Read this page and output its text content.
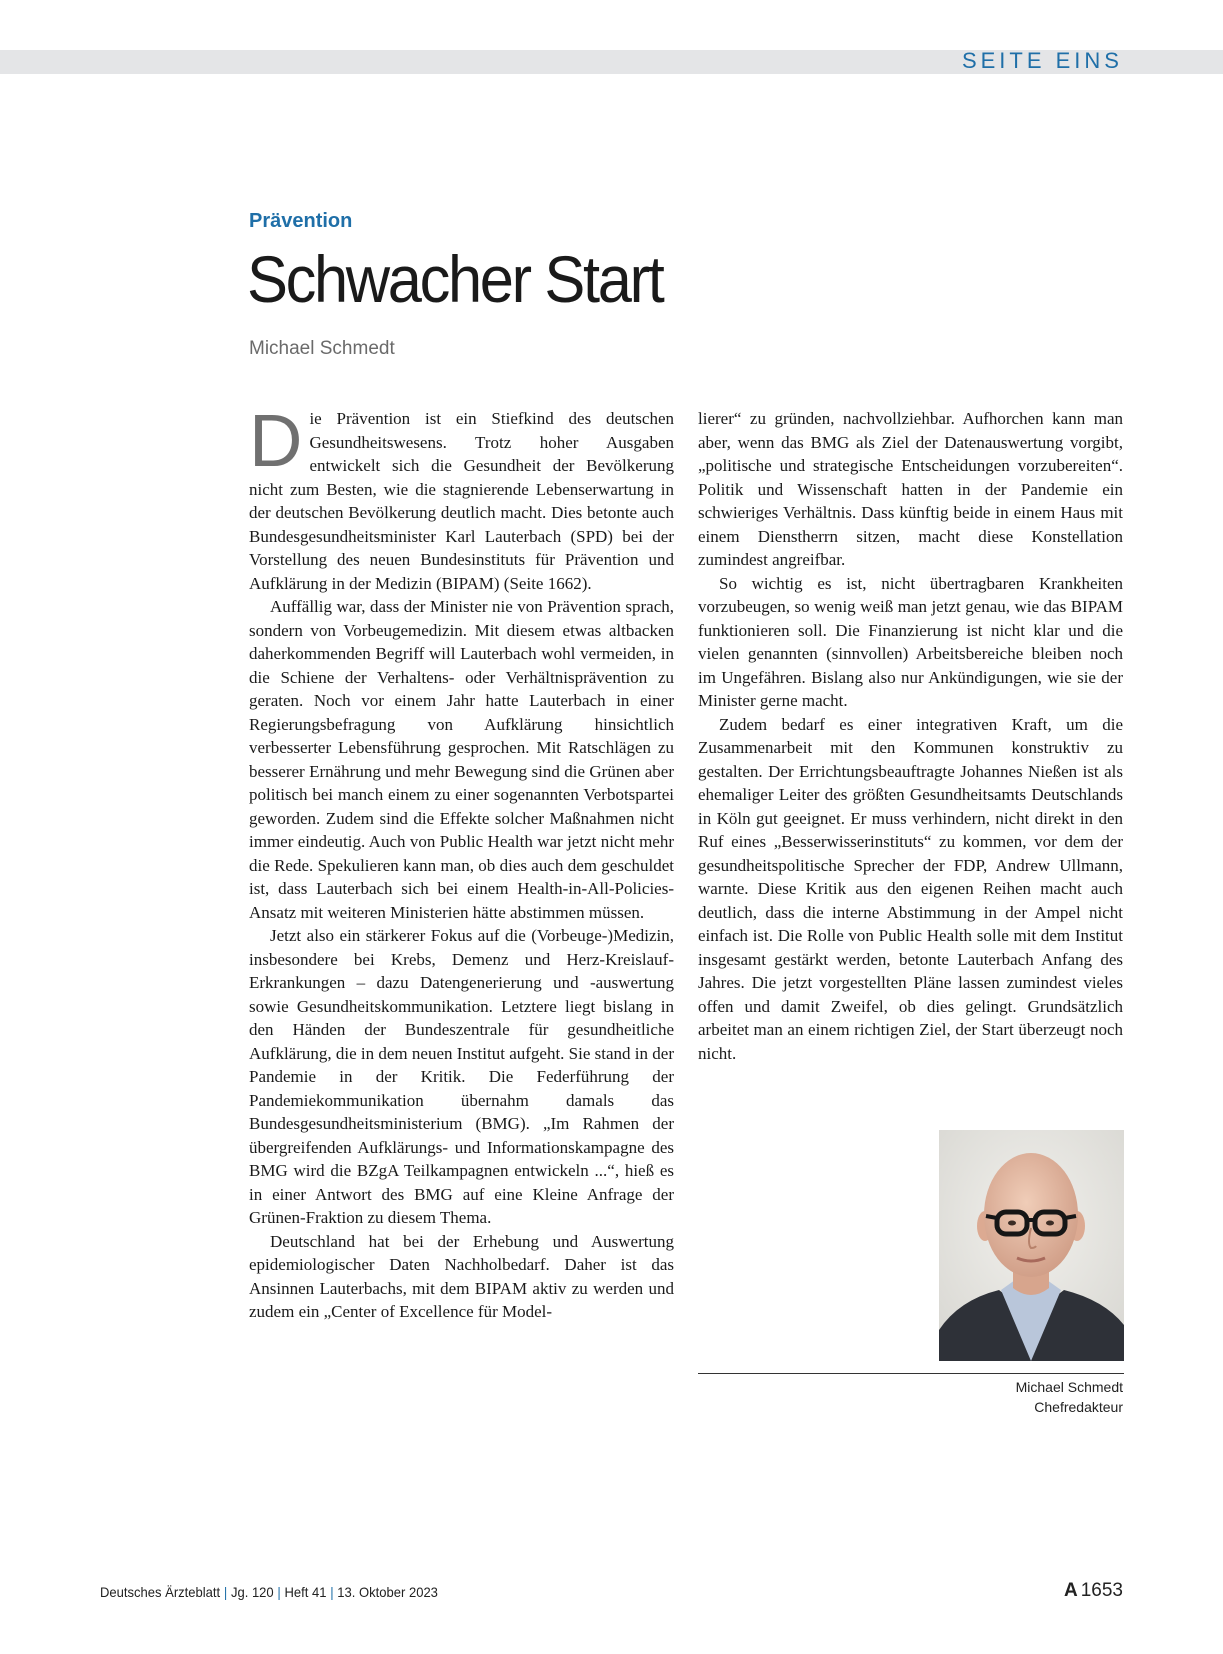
SEITE EINS
Prävention
Schwacher Start
Michael Schmedt

Die Prävention ist ein Stiefkind des deutschen Gesundheitswesens. Trotz hoher Ausgaben entwickelt sich die Gesundheit der Bevölkerung nicht zum Besten, wie die stagnierende Lebenserwartung in der deutschen Bevölkerung deutlich macht. Dies betonte auch Bundesgesundheitsminister Karl Lauterbach (SPD) bei der Vorstellung des neuen Bundesinstituts für Prävention und Aufklärung in der Medizin (BIPAM) (Seite 1662).

Auffällig war, dass der Minister nie von Prävention sprach, sondern von Vorbeugemedizin. Mit diesem etwas altbacken daherkommenden Begriff will Lauterbach wohl vermeiden, in die Schiene der Verhaltens- oder Verhältnisprävention zu geraten. Noch vor einem Jahr hatte Lauterbach in einer Regierungsbefragung von Aufklärung hinsichtlich verbesserter Lebensführung gesprochen. Mit Ratschlägen zu besserer Ernährung und mehr Bewegung sind die Grünen aber politisch bei manch einem zu einer sogenannten Verbotspartei geworden. Zudem sind die Effekte solcher Maßnahmen nicht immer eindeutig. Auch von Public Health war jetzt nicht mehr die Rede. Spekulieren kann man, ob dies auch dem geschuldet ist, dass Lauterbach sich bei einem Health-in-All-Policies-Ansatz mit weiteren Ministerien hätte abstimmen müssen.

Jetzt also ein stärkerer Fokus auf die (Vorbeuge-)Medizin, insbesondere bei Krebs, Demenz und Herz-Kreislauf-Erkrankungen – dazu Datengenerierung und -auswertung sowie Gesundheitskommunikation. Letztere liegt bislang in den Händen der Bundeszentrale für gesundheitliche Aufklärung, die in dem neuen Institut aufgeht. Sie stand in der Pandemie in der Kritik. Die Federführung der Pandemiekommunikation übernahm damals das Bundesgesundheitsministerium (BMG). „Im Rahmen der übergreifenden Aufklärungs- und Informationskampagne des BMG wird die BZgA Teilkampagnen entwickeln ...“, hieß es in einer Antwort des BMG auf eine Kleine Anfrage der Grünen-Fraktion zu diesem Thema.

Deutschland hat bei der Erhebung und Auswertung epidemiologischer Daten Nachholbedarf. Daher ist das Ansinnen Lauterbachs, mit dem BIPAM aktiv zu werden und zudem ein „Center of Excellence für Model-

lierer“ zu gründen, nachvollziehbar. Aufhorchen kann man aber, wenn das BMG als Ziel der Datenauswertung vorgibt, „politische und strategische Entscheidungen vorzubereiten“. Politik und Wissenschaft hatten in der Pandemie ein schwieriges Verhältnis. Dass künftig beide in einem Haus mit einem Dienstherrn sitzen, macht diese Konstellation zumindest angreifbar.

So wichtig es ist, nicht übertragbaren Krankheiten vorzubeugen, so wenig weiß man jetzt genau, wie das BIPAM funktionieren soll. Die Finanzierung ist nicht klar und die vielen genannten (sinnvollen) Arbeitsbereiche bleiben noch im Ungefähren. Bislang also nur Ankündigungen, wie sie der Minister gerne macht.

Zudem bedarf es einer integrativen Kraft, um die Zusammenarbeit mit den Kommunen konstruktiv zu gestalten. Der Errichtungsbeauftragte Johannes Nießen ist als ehemaliger Leiter des größten Gesundheitsamts Deutschlands in Köln gut geeignet. Er muss verhindern, nicht direkt in den Ruf eines „Besserwisserinstituts“ zu kommen, vor dem der gesundheitspolitische Sprecher der FDP, Andrew Ullmann, warnte. Diese Kritik aus den eigenen Reihen macht auch deutlich, dass die interne Abstimmung in der Ampel nicht einfach ist. Die Rolle von Public Health solle mit dem Institut insgesamt gestärkt werden, betonte Lauterbach Anfang des Jahres. Die jetzt vorgestellten Pläne lassen zumindest vieles offen und damit Zweifel, ob dies gelingt. Grundsätzlich arbeitet man an einem richtigen Ziel, der Start überzeugt noch nicht.

Michael Schmedt
Chefredakteur
Deutsches Ärzteblatt | Jg. 120 | Heft 41 | 13. Oktober 2023	A 1653
